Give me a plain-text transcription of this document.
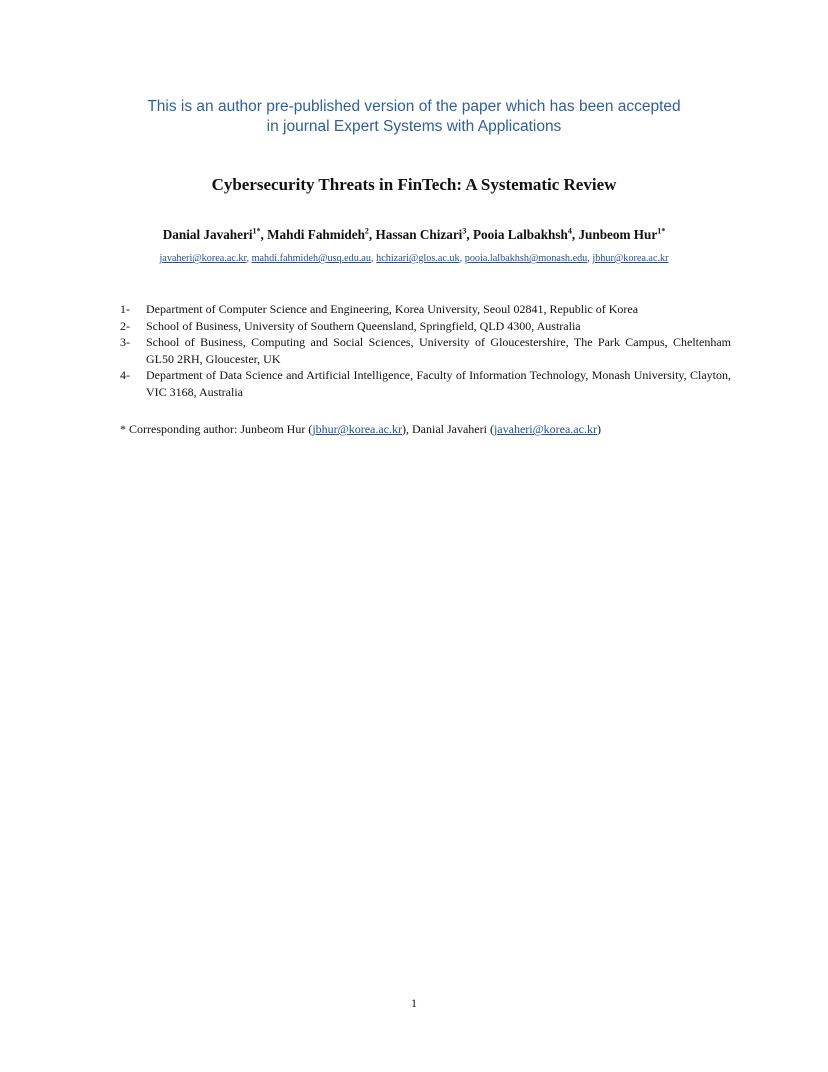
This is an author pre-published version of the paper which has been accepted
in journal Expert Systems with Applications
Cybersecurity Threats in FinTech: A Systematic Review
Danial Javaheri$^{1*}$, Mahdi Fahmideh$^2$, Hassan Chizari$^3$, Pooia Lalbakhsh$^4$, Junbeom Hur$^{1*}$
javaheri@korea.ac.kr, mahdi.fahmideh@usq.edu.au, hchizari@glos.ac.uk, pooia.lalbakhsh@monash.edu, jbhur@korea.ac.kr
1- Department of Computer Science and Engineering, Korea University, Seoul 02841, Republic of Korea
2- School of Business, University of Southern Queensland, Springfield, QLD 4300, Australia
3- School of Business, Computing and Social Sciences, University of Gloucestershire, The Park Campus, Cheltenham GL50 2RH, Gloucester, UK
4- Department of Data Science and Artificial Intelligence, Faculty of Information Technology, Monash University, Clayton, VIC 3168, Australia
* Corresponding author: Junbeom Hur (jbhur@korea.ac.kr), Danial Javaheri (javaheri@korea.ac.kr)
1
